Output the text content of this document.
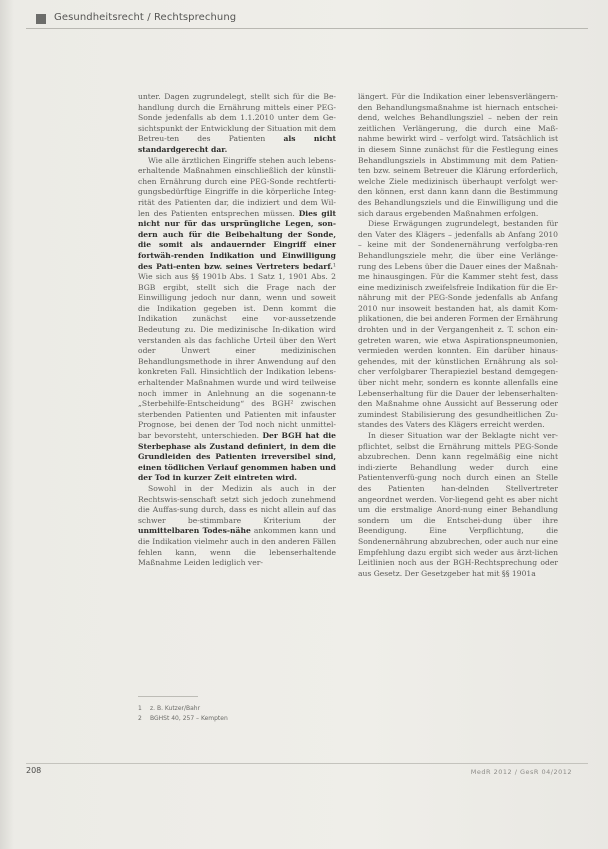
Gesundheitsrecht / Rechtsprechung

unter. Dagen zugrundelegt, stellt sich für die Be-handlung durch die Ernährung mittels einer PEG-Sonde jedenfalls ab dem 1.1.2010 unter dem Ge-sichtspunkt der Entwicklung der Situation mit dem Betreu-ten des Patienten als nicht standardgerecht dar.

Wie alle ärztlichen Eingriffe stehen auch lebens-erhaltende Maßnahmen einschließlich der künstli-chen Ernährung durch eine PEG-Sonde rechtferti-gungsbedürftige Eingriffe in die körperliche Integ-rität des Patienten dar, die indiziert und dem Wil-len des Patienten entsprechen müssen. Dies gilt nicht nur für das ursprüngliche Legen, son-dern auch für die Beibehaltung der Sonde, die somit als andauernder Eingriff einer fortwäh-renden Indikation und Einwilligung des Pati-enten bzw. seines Vertreters bedarf.¹ Wie sich aus §§ 1901b Abs. 1 Satz 1, 1901 Abs. 2 BGB ergibt, stellt sich die Frage nach der Einwilligung jedoch nur dann, wenn und soweit die Indikation gegeben ist. Denn kommt die Indikation zunächst eine vor-aussetzende Bedeutung zu. Die medizinische In-dikation wird verstanden als das fachliche Urteil über den Wert oder Unwert einer medizinischen Behandlungsmethode in ihrer Anwendung auf den konkreten Fall. Hinsichtlich der Indikation lebens-erhaltender Maßnahmen wurde und wird teilweise noch immer in Anlehnung an die sogenann-te „Sterbehilfe-Entscheidung“ des BGH² zwischen sterbenden Patienten und Patienten mit infauster Prognose, bei denen der Tod noch nicht unmittel-bar bevorsteht, unterschieden. Der BGH hat die Sterbephase als Zustand definiert, in dem die Grundleiden des Patienten irreversibel sind, einen tödlichen Verlauf genommen haben und der Tod in kurzer Zeit eintreten wird.

Sowohl in der Medizin als auch in der Rechtswis-senschaft setzt sich jedoch zunehmend die Auffas-sung durch, dass es nicht allein auf das schwer be-stimmbare Kriterium der unmittelbaren Todes-nähe ankommen kann und die Indikation vielmehr auch in den anderen Fällen fehlen kann, wenn die lebenserhaltende Maßnahme Leiden lediglich ver-

längert. Für die Indikation einer lebensverlängern-den Behandlungsmaßnahme ist hiernach entschei-dend, welches Behandlungsziel – neben der rein zeitlichen Verlängerung, die durch eine Maß-nahme bewirkt wird – verfolgt wird. Tatsächlich ist in diesem Sinne zunächst für die Festlegung eines Behandlungsziels in Abstimmung mit dem Patien-ten bzw. seinem Betreuer die Klärung erforderlich, welche Ziele medizinisch überhaupt verfolgt wer-den können, erst dann kann dann die Bestimmung des Behandlungsziels und die Einwilligung und die sich daraus ergebenden Maßnahmen erfolgen.

Diese Erwägungen zugrundelegt, bestanden für den Vater des Klägers – jedenfalls ab Anfang 2010 – keine mit der Sondenernährung verfolgba-ren Behandlungsziele mehr, die über eine Verlänge-rung des Lebens über die Dauer eines der Maßnah-me hinausgingen. Für die Kammer steht fest, dass eine medizinisch zweifelsfreie Indikation für die Er-nährung mit der PEG-Sonde jedenfalls ab Anfang 2010 nur insoweit bestanden hat, als damit Kom-plikationen, die bei anderen Formen der Ernährung drohten und in der Vergangenheit z. T. schon ein-getreten waren, wie etwa Aspirationspneumonien, vermieden werden konnten. Ein darüber hinaus-gehendes, mit der künstlichen Ernährung als sol-cher verfolgbarer Therapieziel bestand demgegen-über nicht mehr, sondern es konnte allenfalls eine Lebenserhaltung für die Dauer der lebenserhalten-den Maßnahme ohne Aussicht auf Besserung oder zumindest Stabilisierung des gesundheitlichen Zu-standes des Vaters des Klägers erreicht werden.

In dieser Situation war der Beklagte nicht ver-pflichtet, selbst die Ernährung mittels PEG-Sonde abzubrechen. Denn kann regelmäßig eine nicht indi-zierte Behandlung weder durch eine Patientenverfü-gung noch durch einen an Stelle des Patienten han-delnden Stellvertreter angeordnet werden. Vor-liegend geht es aber nicht um die erstmalige Anord-nung einer Behandlung sondern um die Entschei-dung über ihre Beendigung. Eine Verpflichtung, die Sondenernährung abzubrechen, oder auch nur eine Empfehlung dazu ergibt sich weder aus ärzt-lichen Leitlinien noch aus der BGH-Rechtsprechung oder aus Gesetz. Der Gesetzgeber hat mit §§ 1901a

1	z. B. Kutzer/Bahr
2	BGHSt 40, 257 – Kempten
208	MedR 2012 / GesR 04/2012
